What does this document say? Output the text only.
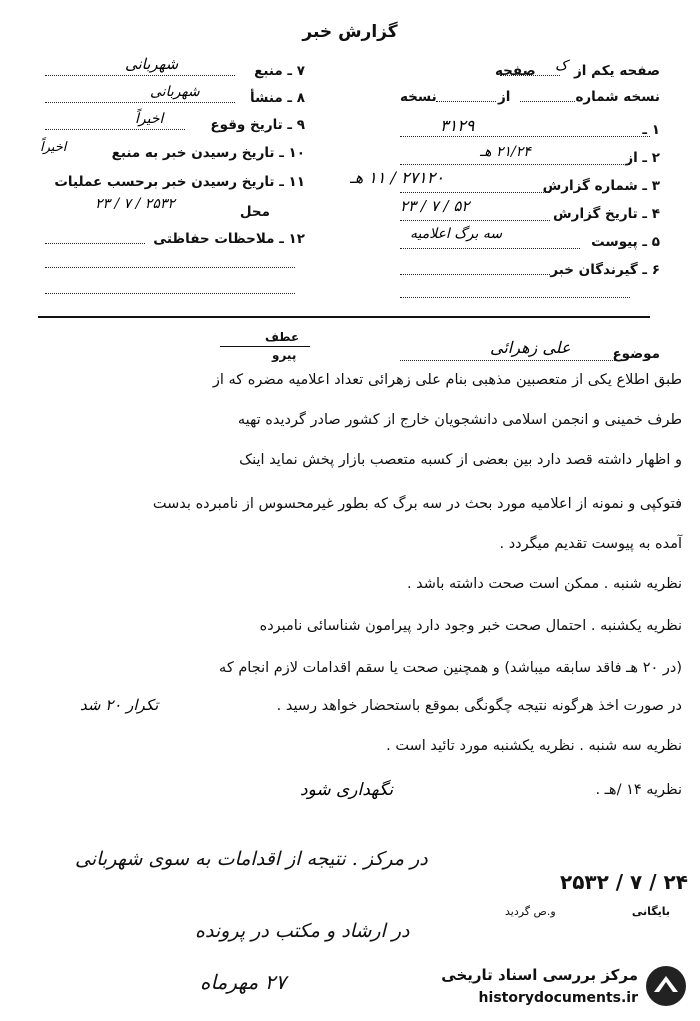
گزارش خبر
صفحه یکم از
صفحه ک
نسخه شماره
از
نسخه
۱ ـ
۳۱۲۹
۲ ـ از
۲۱/۲۴ هـ
۳ ـ شماره گزارش
۲۷۱۲۰ / ۱۱ هـ
۴ ـ تاریخ گزارش
۲۳ / ۷ / ۵۲
۵ ـ پیوست
سه برگ اعلامیه
۶ ـ گیرندگان خبر
۷ ـ منبع
شهربانی
۸ ـ منشأ
شهربانی
۹ ـ تاریخ وقوع
اخیراً
۱۰ ـ تاریخ رسیدن خبر به منبع
اخیراً
۱۱ ـ تاریخ رسیدن خبر برحسب عملیات
محل
۲۳ / ۷ / ۲۵۳۲
۱۲ ـ ملاحظات حفاظتی
عطف
پیرو	موضوع
علی زهرائی
طبق اطلاع یکی از متعصبین مذهبی بنام علی زهرائی تعداد اعلامیه مضره که از
طرف خمینی و انجمن اسلامی دانشجویان خارج از کشور صادر گردیده تهیه
و اظهار داشته قصد دارد بین بعضی از کسبه متعصب بازار پخش نماید اینک
فتوکپی و نمونه از اعلامیه مورد بحث در سه برگ که بطور غیرمحسوس از نامبرده بدست
آمده به پیوست تقدیم میگردد .
نظریه شنبه . ممکن است صحت داشته باشد .
نظریه یکشنبه . احتمال صحت خبر وجود دارد پیرامون شناسائی نامبرده
(در ۲۰ هـ فاقد سابقه میباشد) و همچنین صحت یا سقم اقدامات لازم انجام که
در صورت اخذ هرگونه نتیجه چگونگی بموقع باستحضار خواهد رسید .
نظریه سه شنبه . نظریه یکشنبه مورد تائید است .
نظریه ۱۴ /هـ .
تکرار ۲۰ شد
نگهداری شود
در مرکز . نتیجه از اقدامات به سوی شهربانی
در ارشاد و مکتب در پرونده
۲۷ مهرماه
۲۵۳۲ / ۷ / ۲۴
بایگانی
و.ص گردید
مرکز بررسی اسناد تاریخی
historydocuments.ir
